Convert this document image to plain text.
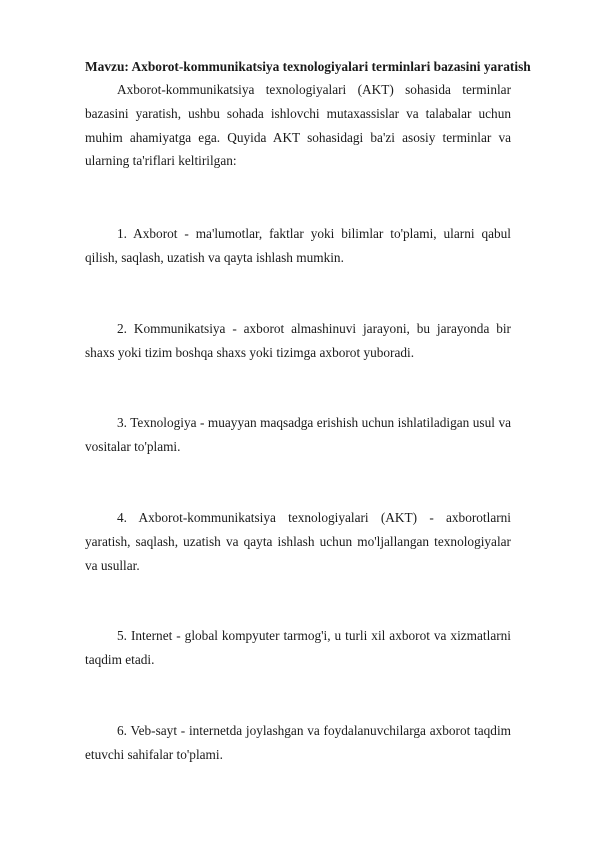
Mavzu: Axborot-kommunikatsiya texnologiyalari terminlari bazasini yaratish

Axborot-kommunikatsiya texnologiyalari (AKT) sohasida terminlar bazasini yaratish, ushbu sohada ishlovchi mutaxassislar va talabalar uchun muhim ahamiyatga ega. Quyida AKT sohasidagi ba'zi asosiy terminlar va ularning ta'riflari keltirilgan:

1. Axborot - ma'lumotlar, faktlar yoki bilimlar to'plami, ularni qabul qilish, saqlash, uzatish va qayta ishlash mumkin.

2. Kommunikatsiya - axborot almashinuvi jarayoni, bu jarayonda bir shaxs yoki tizim boshqa shaxs yoki tizimga axborot yuboradi.

3. Texnologiya - muayyan maqsadga erishish uchun ishlatiladigan usul va vositalar to'plami.

4. Axborot-kommunikatsiya texnologiyalari (AKT) - axborotlarni yaratish, saqlash, uzatish va qayta ishlash uchun mo'ljallangan texnologiyalar va usullar.

5. Internet - global kompyuter tarmog'i, u turli xil axborot va xizmatlarni taqdim etadi.

6. Veb-sayt - internetda joylashgan va foydalanuvchilarga axborot taqdim etuvchi sahifalar to'plami.
